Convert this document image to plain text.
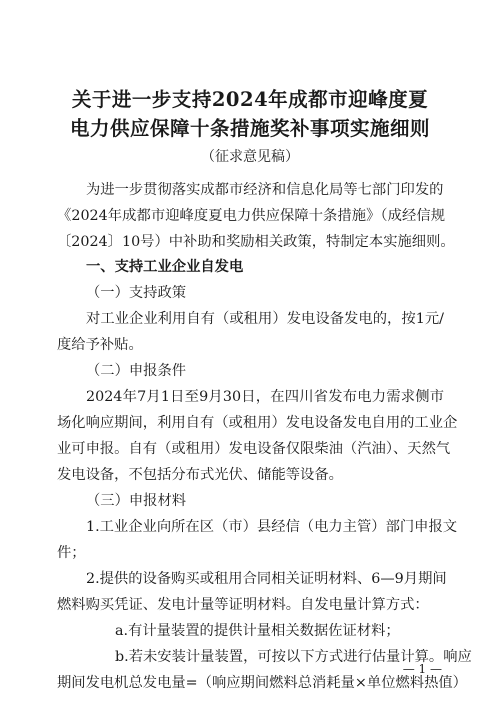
关于进一步支持2024年成都市迎峰度夏
电力供应保障十条措施奖补事项实施细则
（征求意见稿）
为进一步贯彻落实成都市经济和信息化局等七部门印发的
《2024年成都市迎峰度夏电力供应保障十条措施》（成经信规
〔2024〕10号）中补助和奖励相关政策，特制定本实施细则。
一、支持工业企业自发电
（一）支持政策
对工业企业利用自有（或租用）发电设备发电的，按1元/
度给予补贴。
（二）申报条件
2024年7月1日至9月30日，在四川省发布电力需求侧市
场化响应期间，利用自有（或租用）发电设备发电自用的工业企
业可申报。自有（或租用）发电设备仅限柴油（汽油）、天然气
发电设备，不包括分布式光伏、储能等设备。
（三）申报材料
1.工业企业向所在区（市）县经信（电力主管）部门申报文
件；
2.提供的设备购买或租用合同相关证明材料、6—9月期间
燃料购买凭证、发电计量等证明材料。自发电量计算方式：
a.有计量装置的提供计量相关数据佐证材料；
b.若未安装计量装置，可按以下方式进行估量计算。响应
期间发电机总发电量=（响应期间燃料总消耗量×单位燃料热值）
— 1 —
